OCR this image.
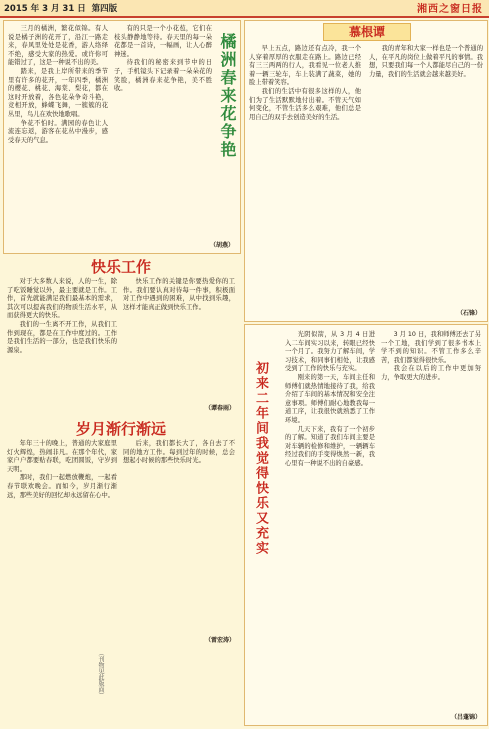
2015 年 3 月 31 日 第四版	湘西之窗日报

三月的橘洲，繁花似锦。有人说是橘子洲的花开了，沿江一路走来，春风里处处是花香，游人络绎不绝，感受大家的热爱。或许你可能错过了，这是一种说不出的美。

踏来，是我上岸所带来的季节里有许多的花开，一年四季，橘洲的樱花、桃花、海棠、梨花，都在这时开放着，各色花朵争奇斗艳，竞相开放，蜂蝶飞舞，一簇簇的花丛里，鸟儿在欢快地歌唱。

争花不怕时。满园的春色让人流连忘返，游客在花丛中漫步，感受春天的气息。

有的只是一个小花苞，它们在枝头静静地等待。春天里的每一朵花都是一首诗，一幅画，让人心醉神迷。

待我们的秘密来到节中的日子，手机镜头下记录着一朵朵花的笑脸，橘洲春来花争艳，美不胜收。	橘洲春来花争艳
（胡燕）
快乐工作

对于大多数人来说，人的一生，除了吃饭睡觉以外，最主要就是工作。工作，首先就能满足我们最基本的需求，其次可以提高我们的物质生活水平，从而获得更大的快乐。

我们的一生离不开工作，从我们工作到现在，都是在工作中度过的。工作是我们生活的一部分，也是我们快乐的源泉。

快乐工作的关键是你要热爱你的工作。我们要认真对待每一件事，积极面对工作中遇到的困难，从中找到乐趣，这样才能真正做到快乐工作。

（谭春雨）
岁月渐行渐远

年年三十的晚上，普通的大家庭里灯火辉煌，热闹非凡。在那个年代，家家户户都要贴春联，吃团圆饭，守岁到天明。

那时，我们一起燃放鞭炮，一起看春节联欢晚会。而如今，岁月渐行渐远，那些美好的回忆却永远留在心中。

后来，我们都长大了，各自去了不同的地方工作。每到过年的时候，总会想起小时候的那些快乐时光。

（雷宏涛）
（刊物见此版面）
慕根谭

早上五点，路边还有点冷，我一个人穿着厚厚的衣服走在路上。路边已经有三三两两的行人，我看见一位老人推着一辆三轮车，车上装满了蔬菜，她的脸上带着笑容。

我们的生活中有很多这样的人，他们为了生活默默地付出着。不管天气如何变化，不管生活多么艰难，他们总是用自己的双手去创造美好的生活。

我的青年和大家一样也是一个普通的人，在平凡的岗位上做着平凡的事情。我想，只要我们每一个人都能尽自己的一份力量，我们的生活就会越来越美好。

（石锋）
初来二年间我觉得快乐又充实

光阴似箭，从 3 月 4 日进入二车间实习以来，转眼已经快一个月了。我努力了解车间，学习技术，和同事们相处，让我感受到了工作的快乐与充实。

刚来的第一天，车间主任和师傅们就热情地接待了我，给我介绍了车间的基本情况和安全注意事项。师傅们耐心地教我每一道工序，让我很快就熟悉了工作环境。

几天下来，我有了一个初步的了解。知道了我们车间主要是对车辆的检修和维护，一辆辆车经过我们的手变得焕然一新，我心里有一种说不出的自豪感。

3 月 10 日，我和师傅还去了另一个工地，我们学到了很多书本上学不到的知识。不管工作多么辛苦，我们都觉得很快乐。

我会在以后的工作中更加努力，争取更大的进步。

（吕蓬锦）
